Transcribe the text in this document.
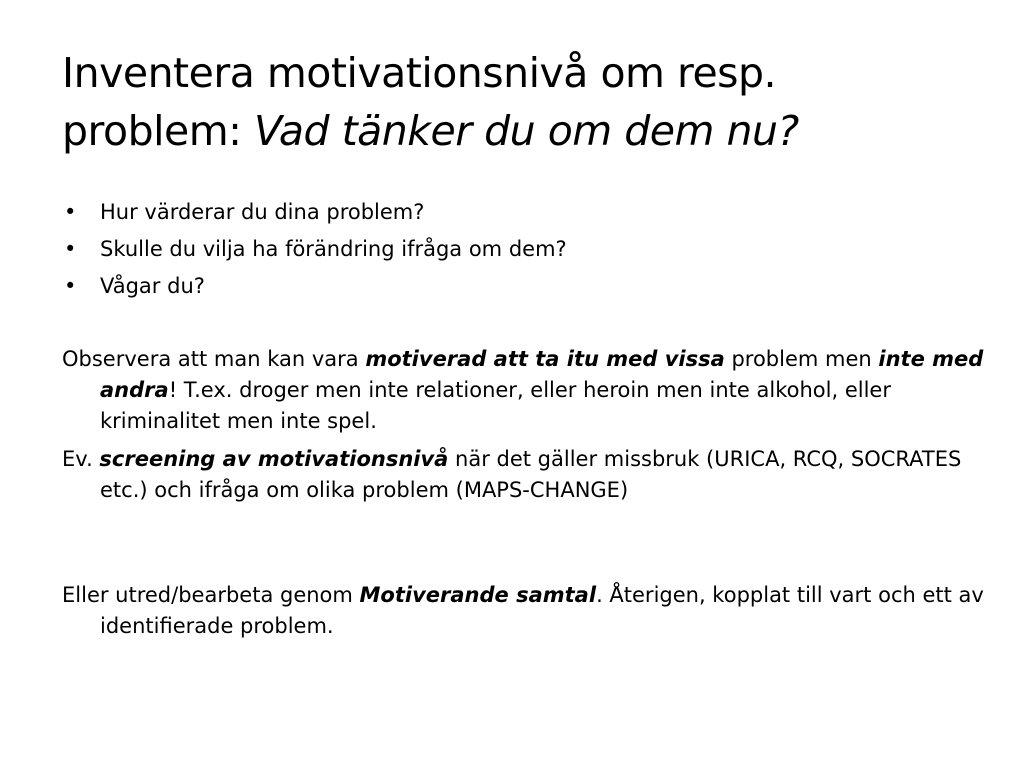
Inventera motivationsnivå om resp.
problem: Vad tänker du om dem nu?
• Hur värderar du dina problem?
• Skulle du vilja ha förändring ifråga om dem?
• Vågar du?

Observera att man kan vara motiverad att ta itu med vissa problem men inte med andra! T.ex. droger men inte relationer, eller heroin men inte alkohol, eller kriminalitet men inte spel.

Ev. screening av motivationsnivå när det gäller missbruk (URICA, RCQ, SOCRATES etc.) och ifråga om olika problem (MAPS-CHANGE)

Eller utred/bearbeta genom Motiverande samtal. Återigen, kopplat till vart och ett av identifierade problem.
